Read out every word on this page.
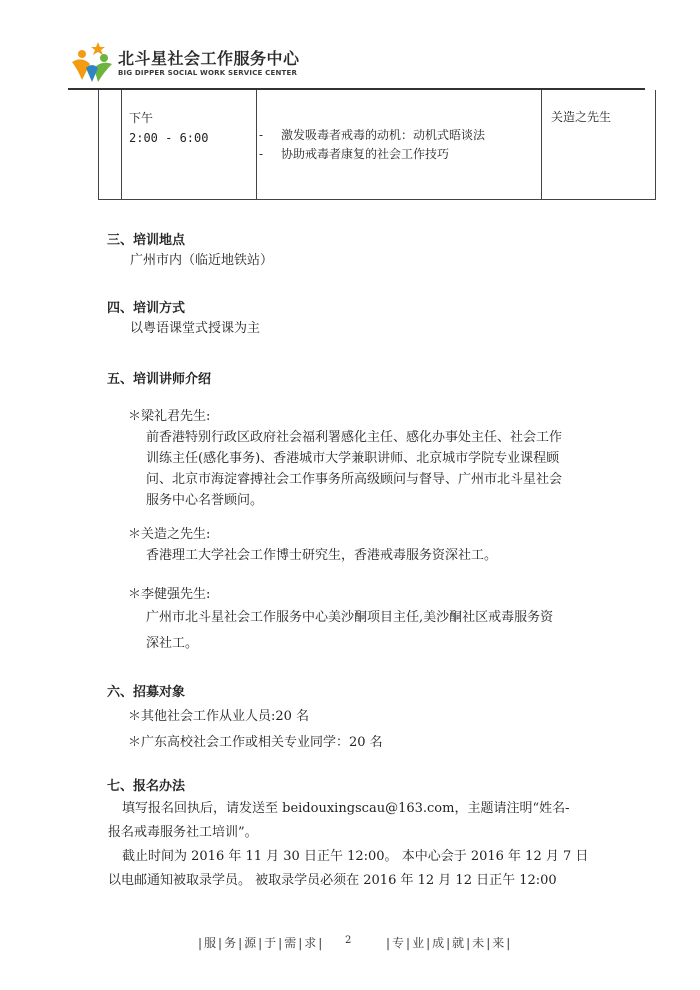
北斗星社会工作服务中心
BIG DIPPER SOCIAL WORK SERVICE CENTER
下午
2:00 - 6:00	- 激发吸毒者戒毒的动机：动机式晤谈法
- 协助戒毒者康复的社会工作技巧
关造之先生
三、培训地点
广州市内（临近地铁站）
四、培训方式
以粤语课堂式授课为主
五、培训讲师介绍
＊梁礼君先生:
前香港特别行政区政府社会福利署感化主任、感化办事处主任、社会工作
训练主任(感化事务)、香港城市大学兼职讲师、北京城市学院专业课程顾
问、北京市海淀睿搏社会工作事务所高级顾问与督导、广州市北斗星社会
服务中心名誉顾问。
＊关造之先生:
香港理工大学社会工作博士研究生，香港戒毒服务资深社工。
＊李健强先生:
广州市北斗星社会工作服务中心美沙酮项目主任,美沙酮社区戒毒服务资
深社工。
六、招募对象
＊其他社会工作从业人员:20 名
＊广东高校社会工作或相关专业同学：20 名
七、报名办法
填写报名回执后，请发送至 beidouxingscau@163.com，主题请注明“姓名-
报名戒毒服务社工培训”。
截止时间为 2016 年 11 月 30 日正午 12:00。 本中心会于 2016 年 12 月 7 日
以电邮通知被取录学员。 被取录学员必须在 2016 年 12 月 12 日正午 12:00
|服|务|源|于|需|求| 2	|专|业|成|就|未|来|
